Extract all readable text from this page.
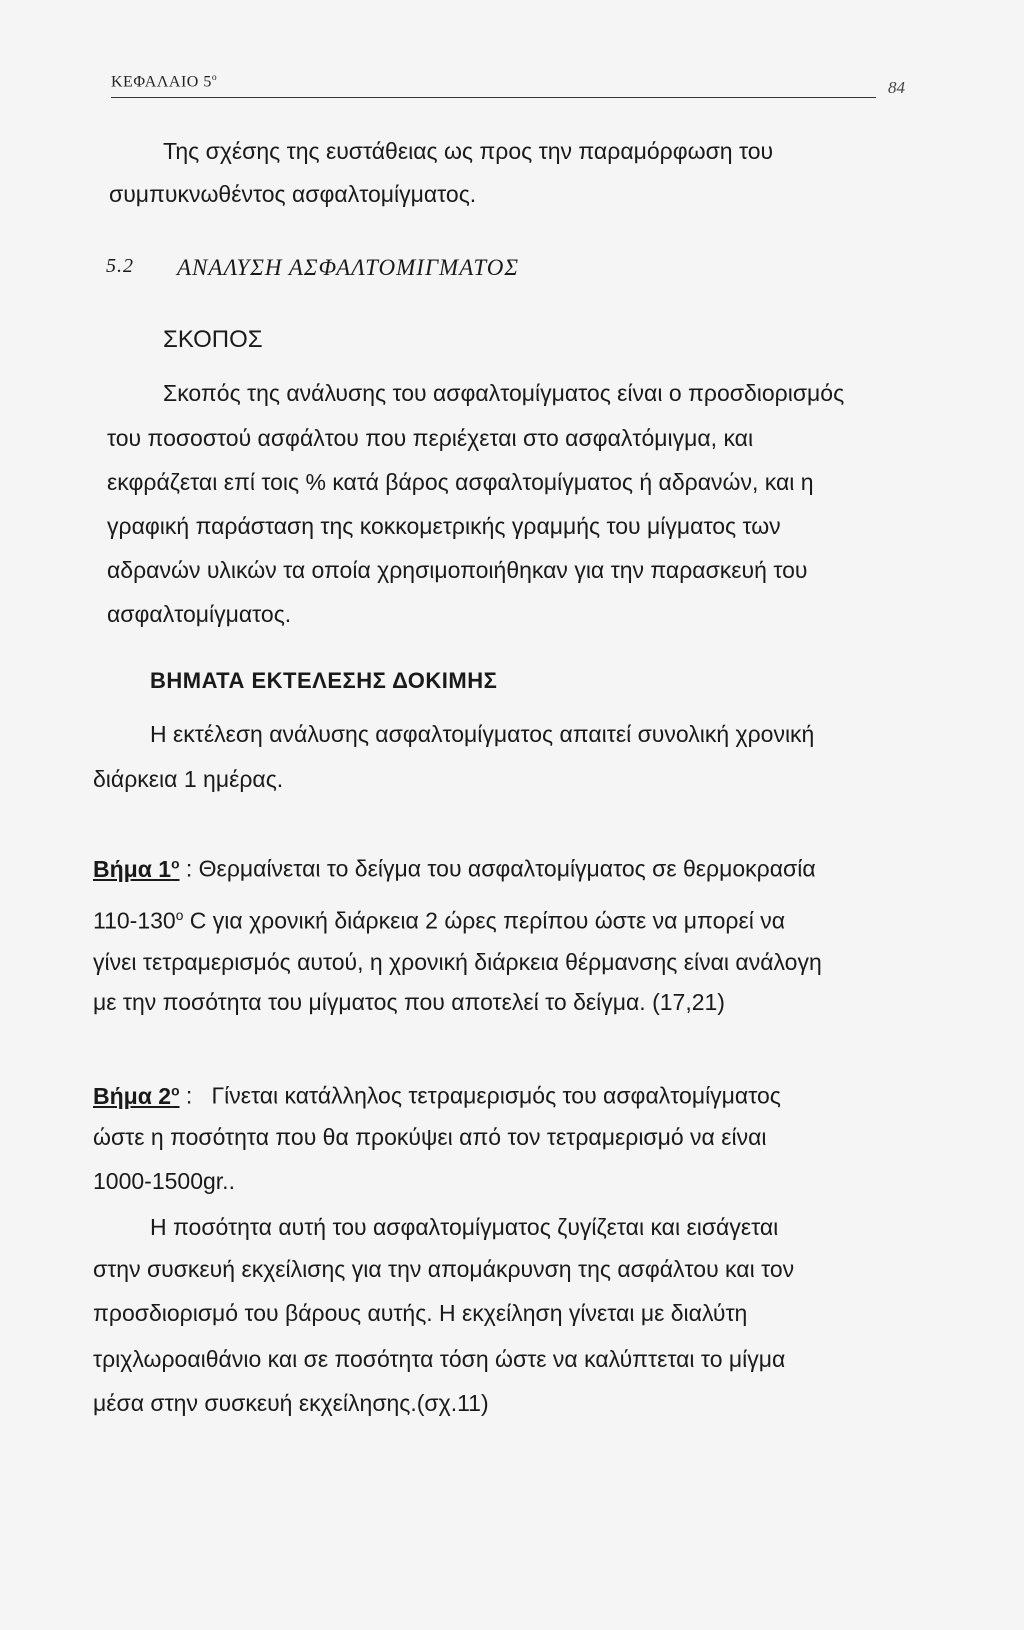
ΚΕΦΑΛΑΙΟ $5^o$
84
Της σχέσης της ευστάθειας ως προς την παραμόρφωση του
συμπυκνωθέντος ασφαλτομίγματος.
5.2 ΑΝΑΛΥΣΗ ΑΣΦΑΛΤΟΜΙΓΜΑΤΟΣ
ΣΚΟΠΟΣ
Σκοπός της ανάλυσης του ασφαλτομίγματος είναι ο προσδιορισμός
του ποσοστού ασφάλτου που περιέχεται στο ασφαλτόμιγμα, και
εκφράζεται επί τοις % κατά βάρος ασφαλτομίγματος ή αδρανών, και η
γραφική παράσταση της κοκκομετρικής γραμμής του μίγματος των
αδρανών υλικών τα οποία χρησιμοποιήθηκαν για την παρασκευή του
ασφαλτομίγματος.
ΒΗΜΑΤΑ ΕΚΤΕΛΕΣΗΣ ΔΟΚΙΜΗΣ
Η εκτέλεση ανάλυσης ασφαλτομίγματος απαιτεί συνολική χρονική
διάρκεια 1 ημέρας.
Βήμα $1^o$ : Θερμαίνεται το δείγμα του ασφαλτομίγματος σε θερμοκρασία
110-130$^o$ C για χρονική διάρκεια 2 ώρες περίπου ώστε να μπορεί να
γίνει τετραμερισμός αυτού, η χρονική διάρκεια θέρμανσης είναι ανάλογη
με την ποσότητα του μίγματος που αποτελεί το δείγμα. (17,21)
Βήμα $2^o$ : Γίνεται κατάλληλος τετραμερισμός του ασφαλτομίγματος
ώστε η ποσότητα που θα προκύψει από τον τετραμερισμό να είναι
1000-1500gr..
Η ποσότητα αυτή του ασφαλτομίγματος ζυγίζεται και εισάγεται
στην συσκευή εκχείλισης για την απομάκρυνση της ασφάλτου και τον
προσδιορισμό του βάρους αυτής. Η εκχείληση γίνεται με διαλύτη
τριχλωροαιθάνιο και σε ποσότητα τόση ώστε να καλύπτεται το μίγμα
μέσα στην συσκευή εκχείλησης.(σχ.11)
